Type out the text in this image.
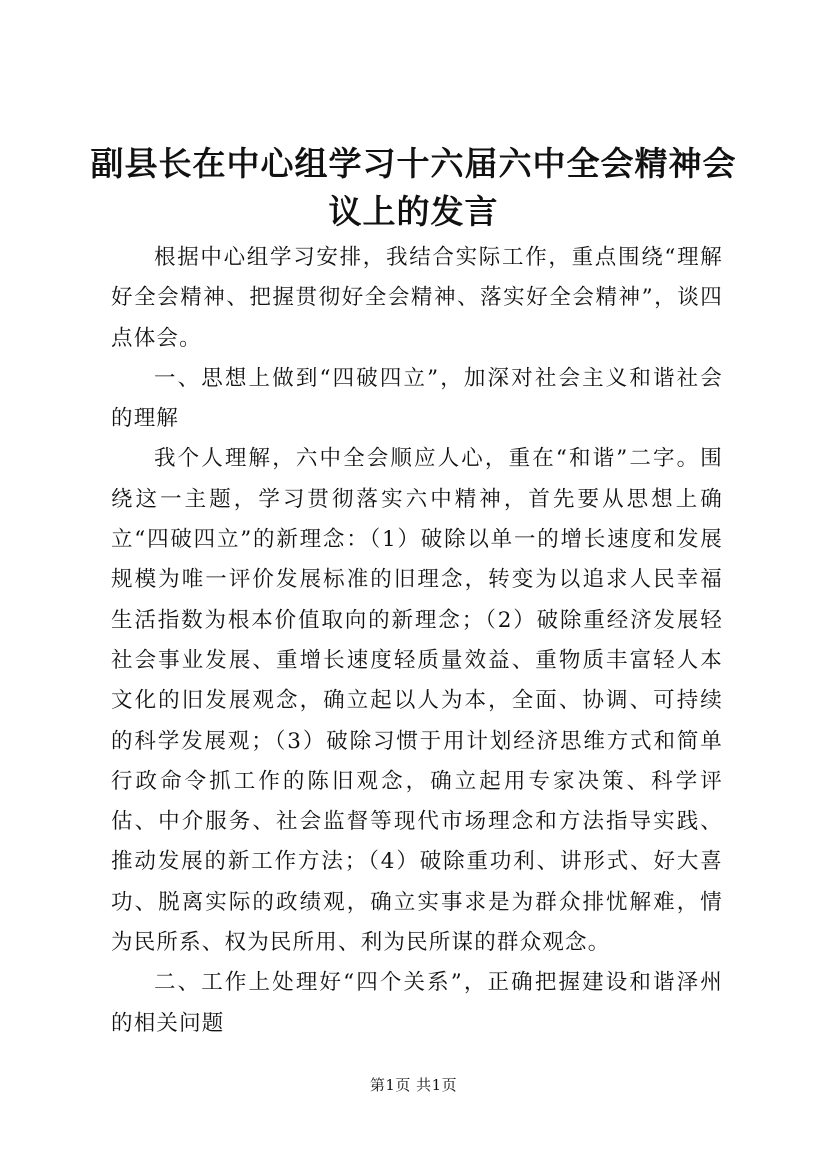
副县长在中心组学习十六届六中全会精神会议上的发言

根据中心组学习安排，我结合实际工作，重点围绕“理解好全会精神、把握贯彻好全会精神、落实好全会精神”，谈四点体会。

一、思想上做到“四破四立”，加深对社会主义和谐社会的理解

我个人理解，六中全会顺应人心，重在“和谐”二字。围绕这一主题，学习贯彻落实六中精神，首先要从思想上确立“四破四立”的新理念：（1）破除以单一的增长速度和发展规模为唯一评价发展标准的旧理念，转变为以追求人民幸福生活指数为根本价值取向的新理念；（2）破除重经济发展轻社会事业发展、重增长速度轻质量效益、重物质丰富轻人本文化的旧发展观念，确立起以人为本，全面、协调、可持续的科学发展观；（3）破除习惯于用计划经济思维方式和简单行政命令抓工作的陈旧观念，确立起用专家决策、科学评估、中介服务、社会监督等现代市场理念和方法指导实践、推动发展的新工作方法；（4）破除重功利、讲形式、好大喜功、脱离实际的政绩观，确立实事求是为群众排忧解难，情为民所系、权为民所用、利为民所谋的群众观念。

二、工作上处理好“四个关系”，正确把握建设和谐泽州的相关问题

第1页 共1页
